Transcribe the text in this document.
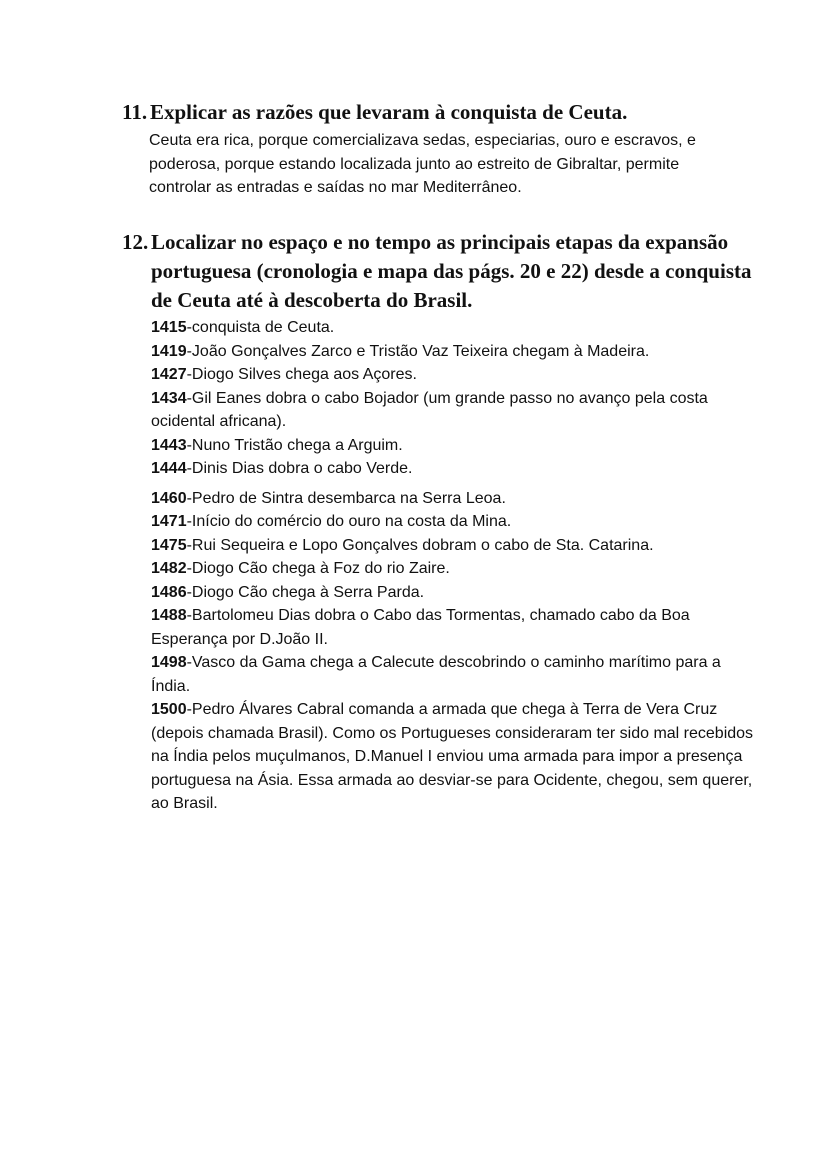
11. Explicar as razões que levaram à conquista de Ceuta.
Ceuta era rica, porque comercializava sedas, especiarias, ouro e escravos, e poderosa, porque estando localizada junto ao estreito de Gibraltar, permite controlar as entradas e saídas no mar Mediterrâneo.
12. Localizar no espaço e no tempo as principais etapas da expansão portuguesa (cronologia e mapa das págs. 20 e 22) desde a conquista de Ceuta até à descoberta do Brasil.

1415-conquista de Ceuta.

1419-João Gonçalves Zarco e Tristão Vaz Teixeira chegam à Madeira.

1427-Diogo Silves chega aos Açores.

1434-Gil Eanes dobra o cabo Bojador (um grande passo no avanço pela costa ocidental africana).

1443-Nuno Tristão chega a Arguim.

1444-Dinis Dias dobra o cabo Verde.

1460-Pedro de Sintra desembarca na Serra Leoa.

1471-Início do comércio do ouro na costa da Mina.

1475-Rui Sequeira e Lopo Gonçalves dobram o cabo de Sta. Catarina.

1482-Diogo Cão chega à Foz do rio Zaire.

1486-Diogo Cão chega à Serra Parda.

1488-Bartolomeu Dias dobra o Cabo das Tormentas, chamado cabo da Boa Esperança por D.João II.

1498-Vasco da Gama chega a Calecute descobrindo o caminho marítimo para a Índia.

1500-Pedro Álvares Cabral comanda a armada que chega à Terra de Vera Cruz (depois chamada Brasil). Como os Portugueses consideraram ter sido mal recebidos na Índia pelos muçulmanos, D.Manuel I enviou uma armada para impor a presença portuguesa na Ásia. Essa armada ao desviar-se para Ocidente, chegou, sem querer, ao Brasil.
